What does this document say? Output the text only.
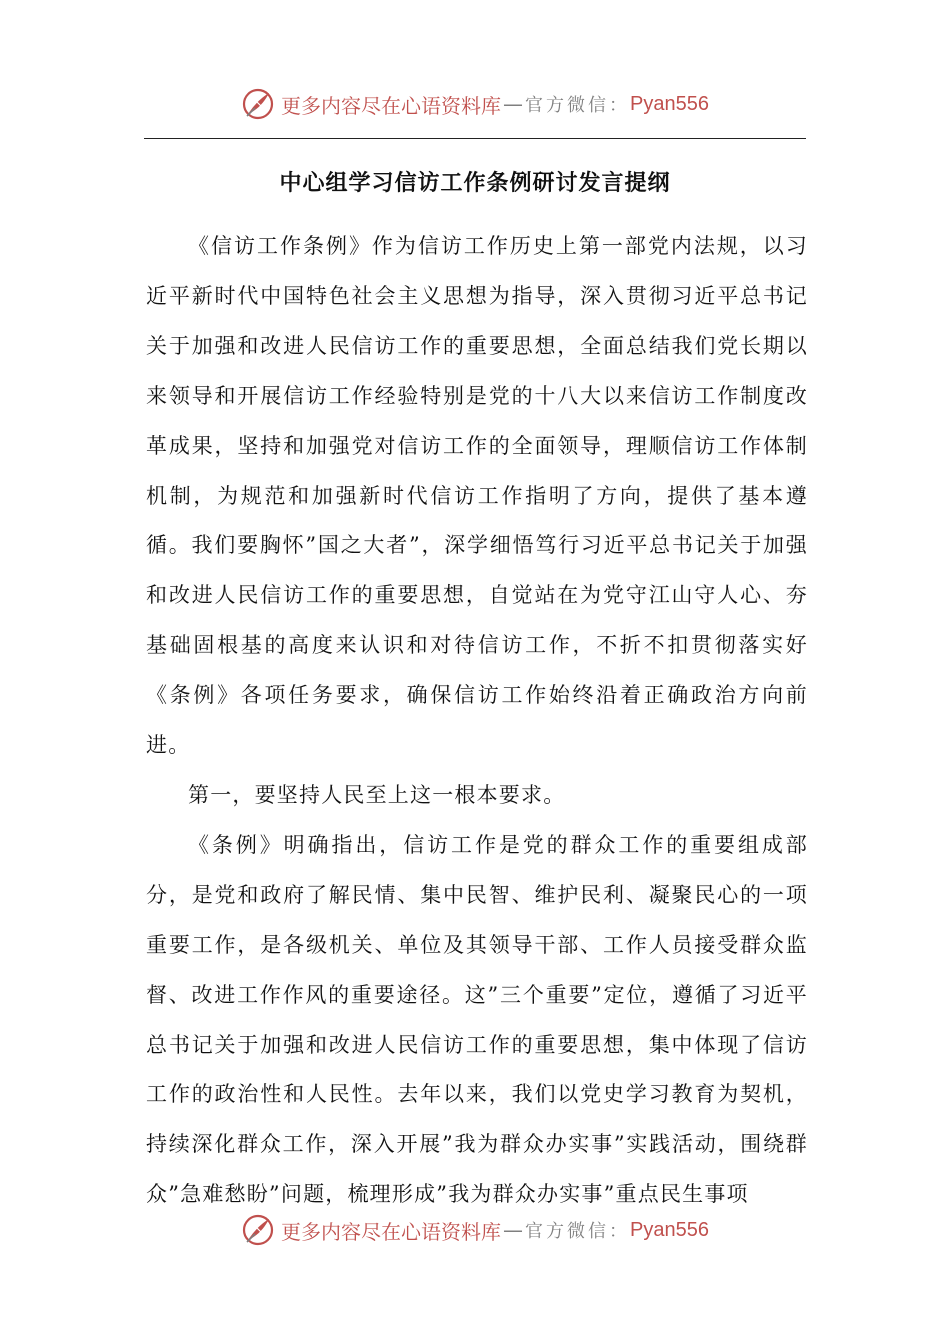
更多内容尽在心语资料库 — 官方微信： Pyan556
中心组学习信访工作条例研讨发言提纲

《信访工作条例》作为信访工作历史上第一部党内法规，以习近平新时代中国特色社会主义思想为指导，深入贯彻习近平总书记关于加强和改进人民信访工作的重要思想，全面总结我们党长期以来领导和开展信访工作经验特别是党的十八大以来信访工作制度改革成果，坚持和加强党对信访工作的全面领导，理顺信访工作体制机制，为规范和加强新时代信访工作指明了方向，提供了基本遵循。我们要胸怀”国之大者”，深学细悟笃行习近平总书记关于加强和改进人民信访工作的重要思想，自觉站在为党守江山守人心、夯基础固根基的高度来认识和对待信访工作，不折不扣贯彻落实好《条例》各项任务要求，确保信访工作始终沿着正确政治方向前进。

第一，要坚持人民至上这一根本要求。

《条例》明确指出，信访工作是党的群众工作的重要组成部分，是党和政府了解民情、集中民智、维护民利、凝聚民心的一项重要工作，是各级机关、单位及其领导干部、工作人员接受群众监督、改进工作作风的重要途径。这”三个重要”定位，遵循了习近平总书记关于加强和改进人民信访工作的重要思想，集中体现了信访工作的政治性和人民性。去年以来，我们以党史学习教育为契机，持续深化群众工作，深入开展”我为群众办实事”实践活动，围绕群众”急难愁盼”问题，梳理形成”我为群众办实事”重点民生事项

更多内容尽在心语资料库 — 官方微信： Pyan556
